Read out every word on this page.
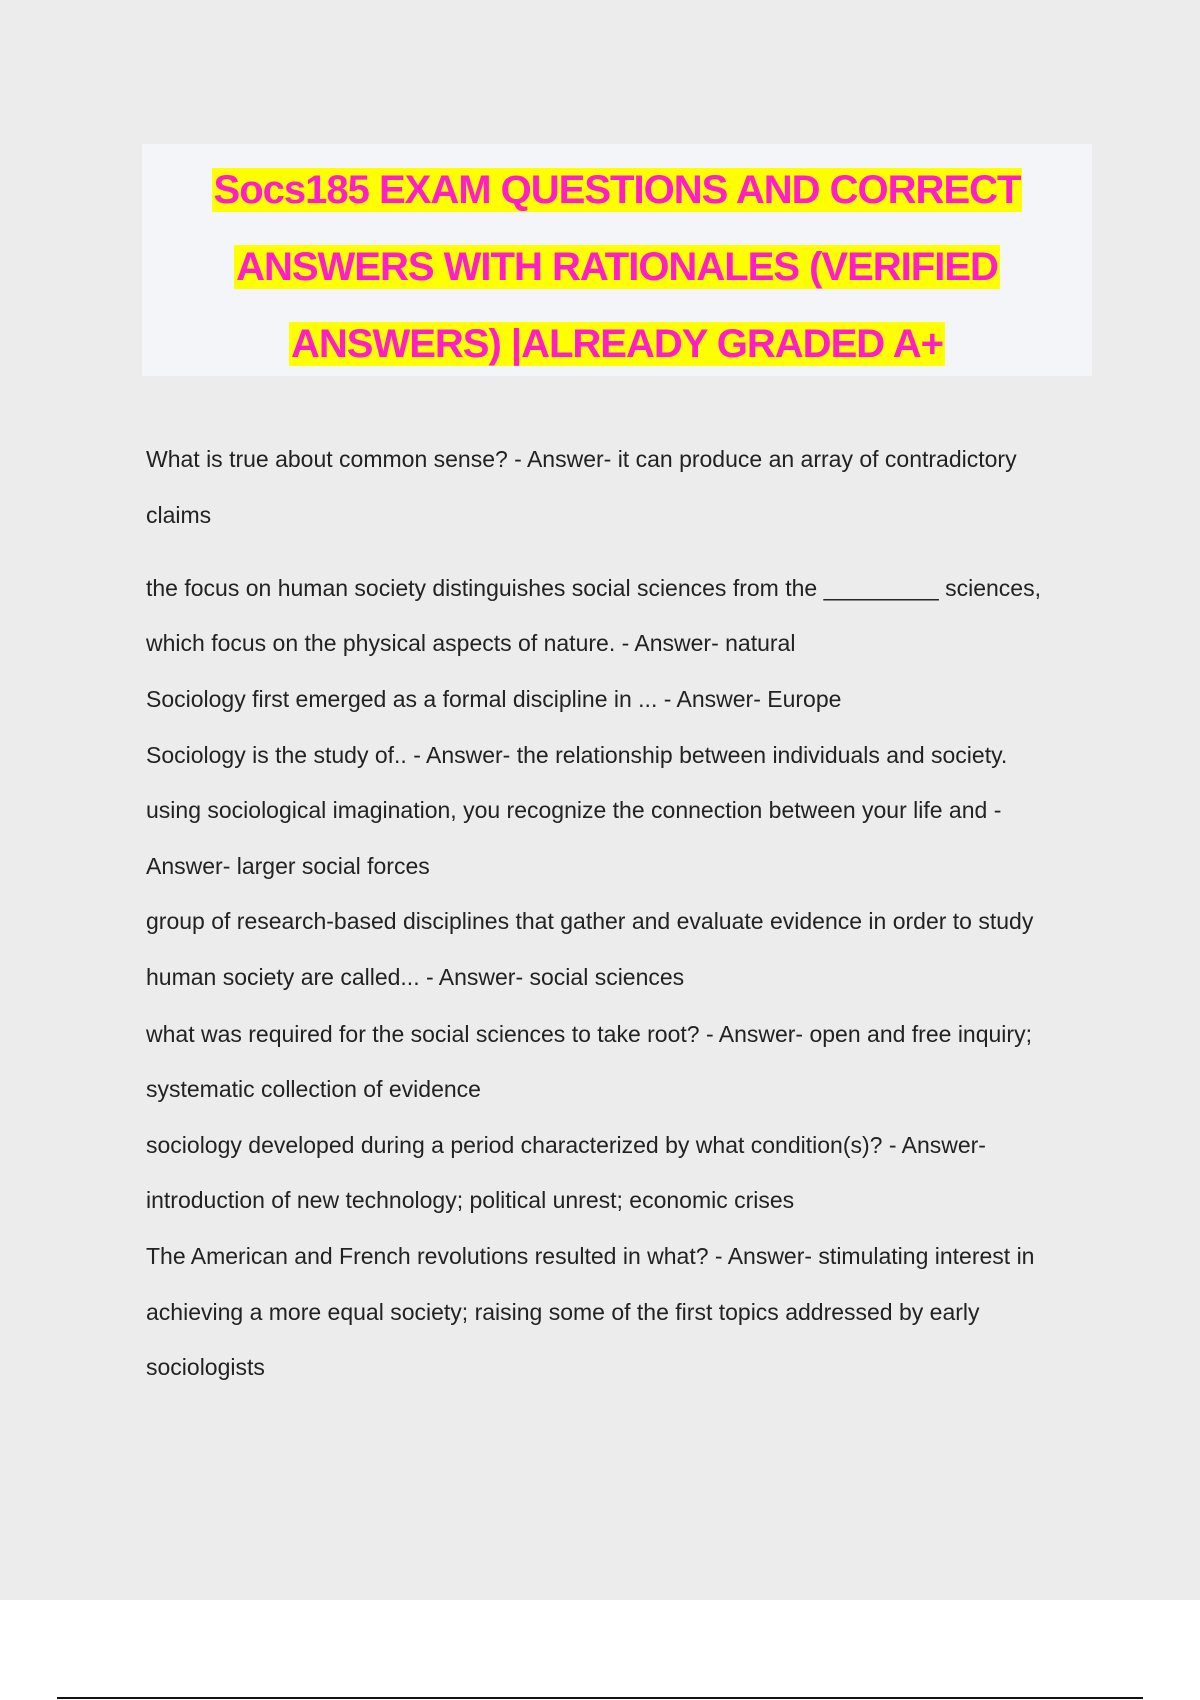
Socs185 EXAM QUESTIONS AND CORRECT
ANSWERS WITH RATIONALES (VERIFIED
ANSWERS) |ALREADY GRADED A+
What is true about common sense? - Answer- it can produce an array of contradictory
claims
the focus on human society distinguishes social sciences from the _________ sciences,
which focus on the physical aspects of nature. - Answer- natural
Sociology first emerged as a formal discipline in ... - Answer- Europe
Sociology is the study of.. - Answer- the relationship between individuals and society.
using sociological imagination, you recognize the connection between your life and -
Answer- larger social forces
group of research-based disciplines that gather and evaluate evidence in order to study
human society are called... - Answer- social sciences
what was required for the social sciences to take root? - Answer- open and free inquiry;
systematic collection of evidence
sociology developed during a period characterized by what condition(s)? - Answer-
introduction of new technology; political unrest; economic crises
The American and French revolutions resulted in what? - Answer- stimulating interest in
achieving a more equal society; raising some of the first topics addressed by early
sociologists
